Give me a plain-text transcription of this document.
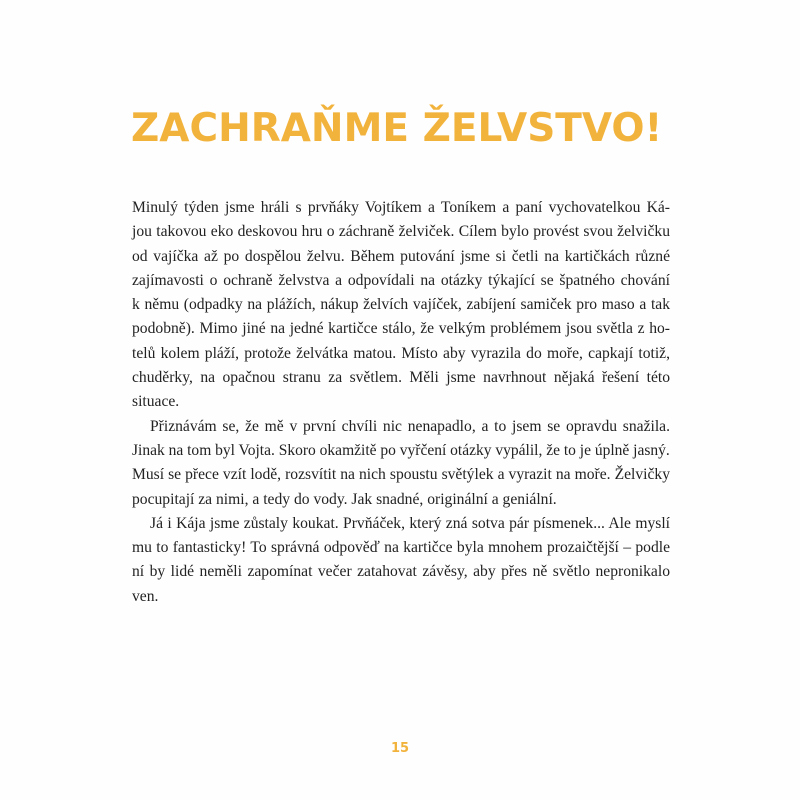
ZACHRAŇME ŽELVSTVO!

Minulý týden jsme hráli s prvňáky Vojtíkem a Toníkem a paní vychovatelkou Ká-
jou takovou eko deskovou hru o záchraně želviček. Cílem bylo provést svou želvičku
od vajíčka až po dospělou želvu. Během putování jsme si četli na kartičkách různé
zajímavosti o ochraně želvstva a odpovídali na otázky týkající se špatného chování
k němu (odpadky na plážích, nákup želvích vajíček, zabíjení samiček pro maso a tak
podobně). Mimo jiné na jedné kartičce stálo, že velkým problémem jsou světla z ho-
telů kolem pláží, protože želvátka matou. Místo aby vyrazila do moře, capkají totiž,
chuděrky, na opačnou stranu za světlem. Měli jsme navrhnout nějaká řešení této
situace.

Přiznávám se, že mě v první chvíli nic nenapadlo, a to jsem se opravdu snažila.
Jinak na tom byl Vojta. Skoro okamžitě po vyřčení otázky vypálil, že to je úplně jasný.
Musí se přece vzít lodě, rozsvítit na nich spoustu světýlek a vyrazit na moře. Želvičky
pocupitají za nimi, a tedy do vody. Jak snadné, originální a geniální.

Já i Kája jsme zůstaly koukat. Prvňáček, který zná sotva pár písmenek... Ale myslí
mu to fantasticky! To správná odpověď na kartičce byla mnohem prozaičtější – podle
ní by lidé neměli zapomínat večer zatahovat závěsy, aby přes ně světlo nepronikalo
ven.

15
